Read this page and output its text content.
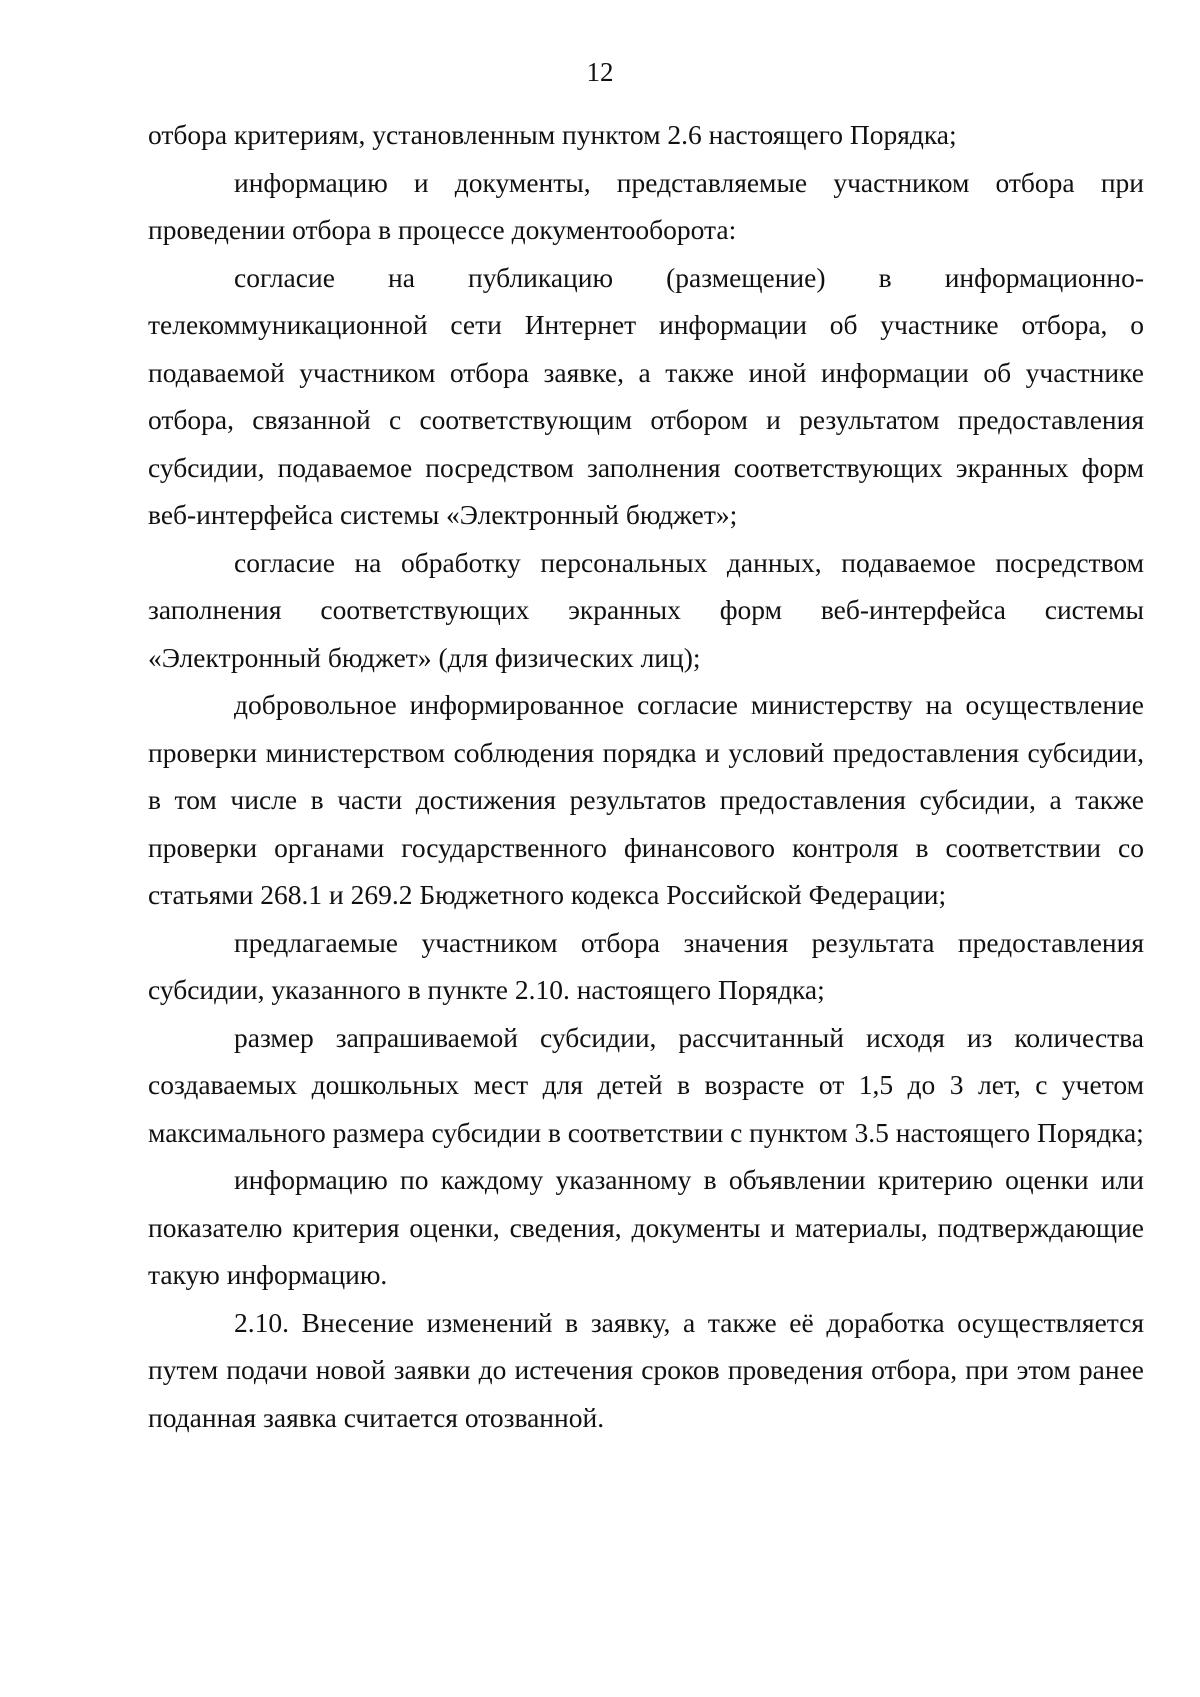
12

отбора критериям, установленным пунктом 2.6 настоящего Порядка;

информацию и документы, представляемые участником отбора при проведении отбора в процессе документооборота:

согласие на публикацию (размещение) в информационно-телекоммуникационной сети Интернет информации об участнике отбора, о подаваемой участником отбора заявке, а также иной информации об участнике отбора, связанной с соответствующим отбором и результатом предоставления субсидии, подаваемое посредством заполнения соответствующих экранных форм веб-интерфейса системы «Электронный бюджет»;

согласие на обработку персональных данных, подаваемое посредством заполнения соответствующих экранных форм веб-интерфейса системы «Электронный бюджет» (для физических лиц);

добровольное информированное согласие министерству на осуществление проверки министерством соблюдения порядка и условий предоставления субсидии, в том числе в части достижения результатов предоставления субсидии, а также проверки органами государственного финансового контроля в соответствии со статьями 268.1 и 269.2 Бюджетного кодекса Российской Федерации;

предлагаемые участником отбора значения результата предоставления субсидии, указанного в пункте 2.10. настоящего Порядка;

размер запрашиваемой субсидии, рассчитанный исходя из количества создаваемых дошкольных мест для детей в возрасте от 1,5 до 3 лет, с учетом максимального размера субсидии в соответствии с пунктом 3.5 настоящего Порядка;

информацию по каждому указанному в объявлении критерию оценки или показателю критерия оценки, сведения, документы и материалы, подтверждающие такую информацию.

2.10. Внесение изменений в заявку, а также её доработка осуществляется путем подачи новой заявки до истечения сроков проведения отбора, при этом ранее поданная заявка считается отозванной.
